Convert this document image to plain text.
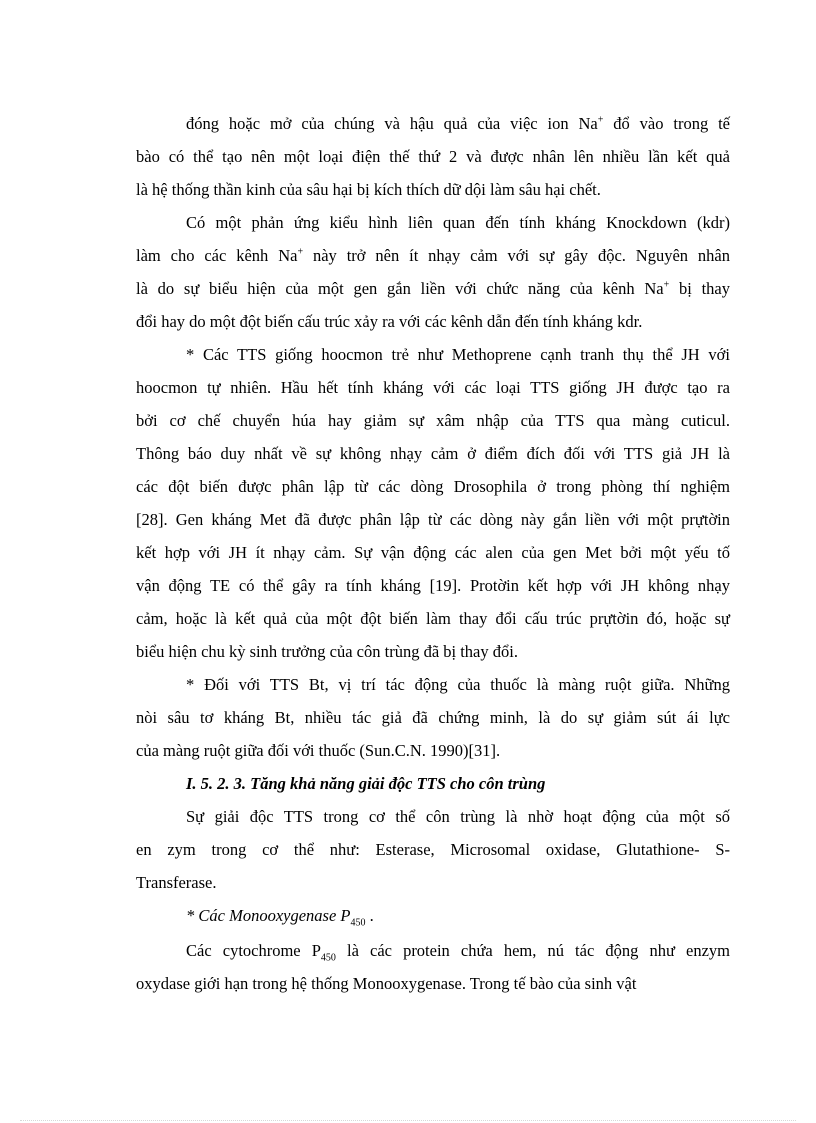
đóng hoặc mở của chúng và hậu quả của việc ion Na+ đổ vào trong tế
bào có thể tạo nên một loại điện thế thứ 2 và được nhân lên nhiều lần kết quả
là hệ thống thần kinh của sâu hại bị kích thích dữ dội làm sâu hại chết.
Có một phản ứng kiểu hình liên quan đến tính kháng Knockdown (kdr)
làm cho các kênh Na+ này trở nên ít nhạy cảm với sự gây độc. Nguyên nhân
là do sự biểu hiện của một gen gắn liền với chức năng của kênh Na+ bị thay
đổi hay do một đột biến cấu trúc xảy ra với các kênh dẫn đến tính kháng kdr.
* Các TTS giống hoocmon trẻ như Methoprene cạnh tranh thụ thể JH với
hoocmon tự nhiên. Hầu hết tính kháng với các loại TTS giống JH được tạo ra
bởi cơ chế chuyển húa hay giảm sự xâm nhập của TTS qua màng cuticul.
Thông báo duy nhất về sự không nhạy cảm ở điểm đích đối với TTS giả JH là
các đột biến được phân lập từ các dòng Drosophila ở trong phòng thí nghiệm
[28]. Gen kháng Met đã được phân lập từ các dòng này gắn liền với một prựtờin
kết hợp với JH ít nhạy cảm. Sự vận động các alen của gen Met bởi một yếu tố
vận động TE có thể gây ra tính kháng [19]. Protờin kết hợp với JH không nhạy
cảm, hoặc là kết quả của một đột biến làm thay đổi cấu trúc prựtờin đó, hoặc sự
biểu hiện chu kỳ sinh trưởng của côn trùng đã bị thay đổi.
* Đối với TTS Bt, vị trí tác động của thuốc là màng ruột giữa. Những
nòi sâu tơ kháng Bt, nhiều tác giả đã chứng minh, là do sự giảm sút ái lực
của màng ruột giữa đối với thuốc (Sun.C.N. 1990)[31].
I. 5. 2. 3. Tăng khả năng giải độc TTS cho côn trùng
Sự giải độc TTS trong cơ thể côn trùng là nhờ hoạt động của một số
en zym trong cơ thể như: Esterase, Microsomal oxidase, Glutathione- S-
Transferase.
* Các Monooxygenase $P_{450}$ .
Các cytochrome $P_{450}$ là các protein chứa hem, nú tác động như enzym
oxydase giới hạn trong hệ thống Monooxygenase. Trong tế bào của sinh vật
